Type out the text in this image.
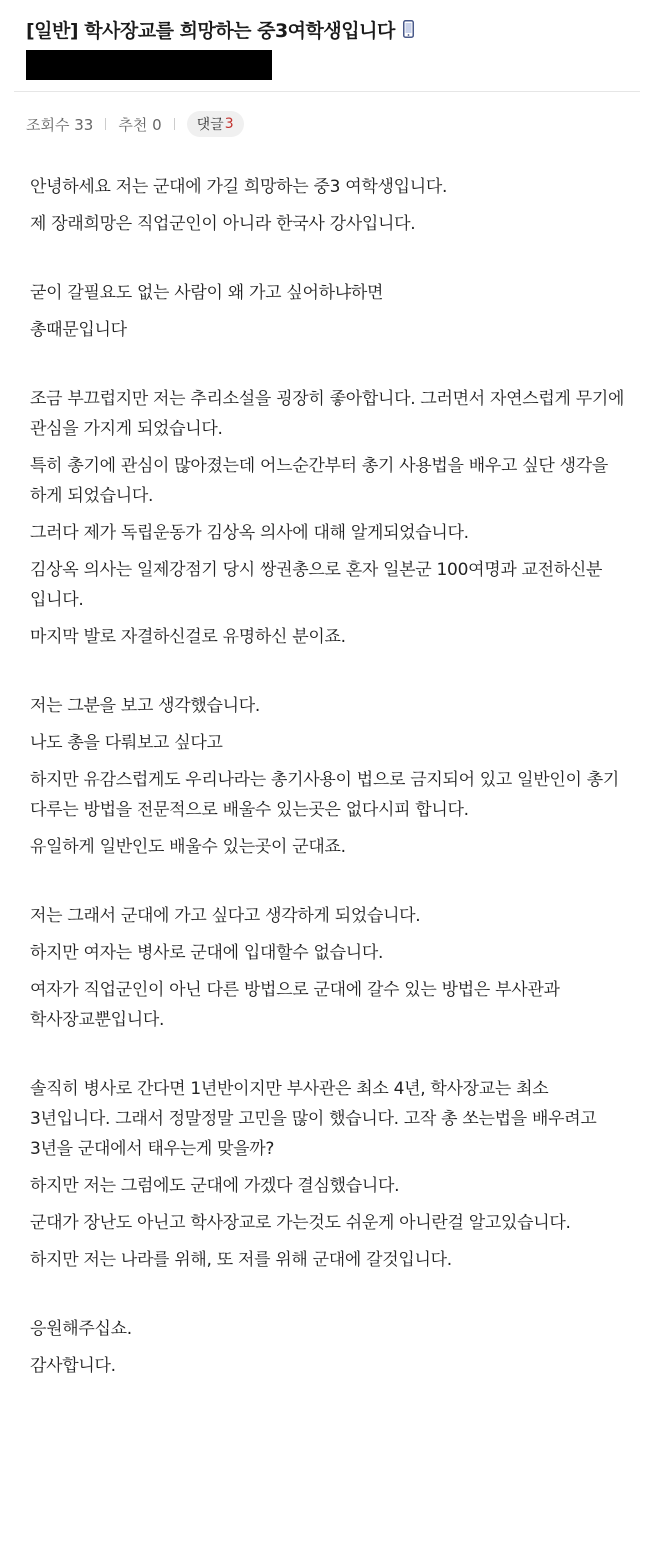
[일반] 학사장교를 희망하는 중3여학생입니다
조회수 33 추천 0	댓글 3

안녕하세요 저는 군대에 가길 희망하는 중3 여학생입니다.

제 장래희망은 직업군인이 아니라 한국사 강사입니다.

굳이 갈필요도 없는 사람이 왜 가고 싶어하냐하면

총때문입니다

조금 부끄럽지만 저는 추리소설을 굉장히 좋아합니다. 그러면서 자연스럽게 무기에 관심을 가지게 되었습니다.

특히 총기에 관심이 많아졌는데 어느순간부터 총기 사용법을 배우고 싶단 생각을 하게 되었습니다.

그러다 제가 독립운동가 김상옥 의사에 대해 알게되었습니다.

김상옥 의사는 일제강점기 당시 쌍권총으로 혼자 일본군 100여명과 교전하신분 입니다.

마지막 발로 자결하신걸로 유명하신 분이죠.

저는 그분을 보고 생각했습니다.

나도 총을 다뤄보고 싶다고

하지만 유감스럽게도 우리나라는 총기사용이 법으로 금지되어 있고 일반인이 총기 다루는 방법을 전문적으로 배울수 있는곳은 없다시피 합니다.

유일하게 일반인도 배울수 있는곳이 군대죠.

저는 그래서 군대에 가고 싶다고 생각하게 되었습니다.

하지만 여자는 병사로 군대에 입대할수 없습니다.

여자가 직업군인이 아닌 다른 방법으로 군대에 갈수 있는 방법은 부사관과 학사장교뿐입니다.

솔직히 병사로 간다면 1년반이지만 부사관은 최소 4년, 학사장교는 최소 3년입니다. 그래서 정말정말 고민을 많이 했습니다. 고작 총 쏘는법을 배우려고 3년을 군대에서 태우는게 맞을까?

하지만 저는 그럼에도 군대에 가겠다 결심했습니다.

군대가 장난도 아닌고 학사장교로 가는것도 쉬운게 아니란걸 알고있습니다.

하지만 저는 나라를 위해, 또 저를 위해 군대에 갈것입니다.

응원해주십쇼.

감사합니다.
